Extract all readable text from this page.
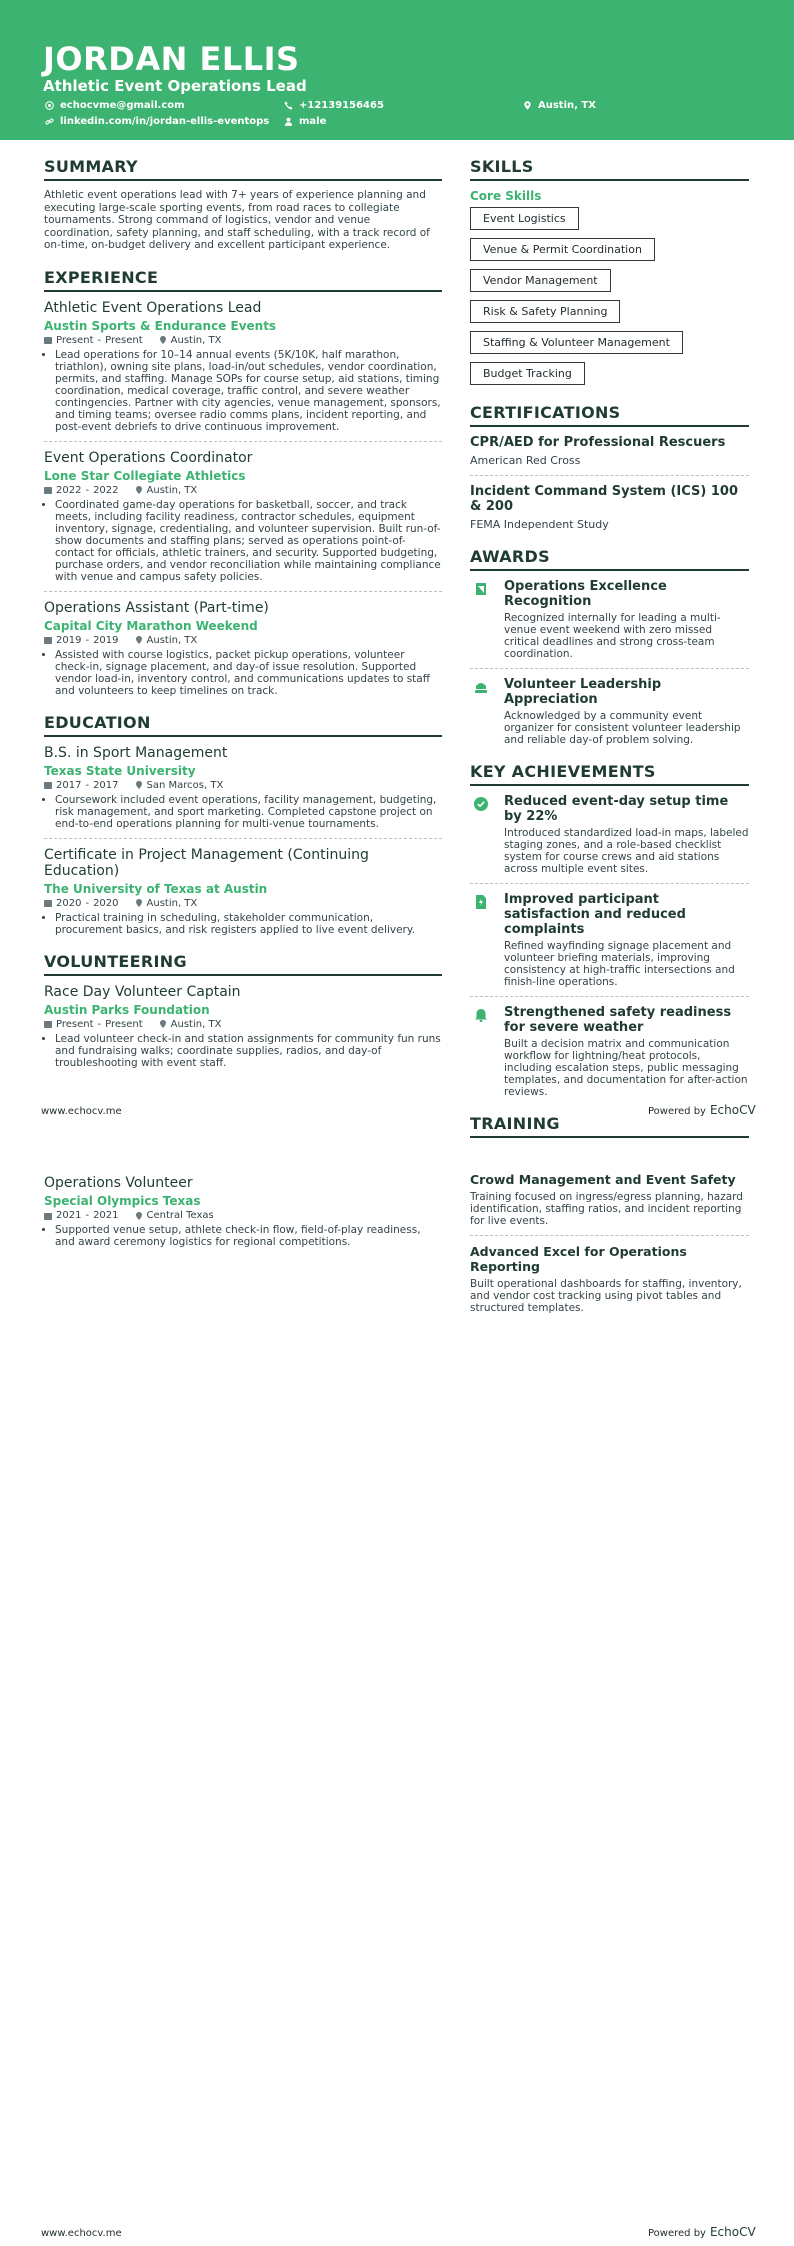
JORDAN ELLIS
Athletic Event Operations Lead
echocvme@gmail.com	+12139156465	Austin, TX
linkedin.com/in/jordan-ellis-eventops	male
SUMMARY
Athletic event operations lead with 7+ years of experience planning and executing large-scale sporting events, from road races to collegiate tournaments. Strong command of logistics, vendor and venue coordination, safety planning, and staff scheduling, with a track record of on-time, on-budget delivery and excellent participant experience.
EXPERIENCE
Athletic Event Operations Lead
Austin Sports & Endurance Events
Present - Present	Austin, TX
• Lead operations for 10–14 annual events (5K/10K, half marathon, triathlon), owning site plans, load-in/out schedules, vendor coordination, permits, and staffing. Manage SOPs for course setup, aid stations, timing coordination, medical coverage, traffic control, and severe weather contingencies. Partner with city agencies, venue management, sponsors, and timing teams; oversee radio comms plans, incident reporting, and post-event debriefs to drive continuous improvement.
Event Operations Coordinator
Lone Star Collegiate Athletics
2022 - 2022	Austin, TX
• Coordinated game-day operations for basketball, soccer, and track meets, including facility readiness, contractor schedules, equipment inventory, signage, credentialing, and volunteer supervision. Built run-of-show documents and staffing plans; served as operations point-of-contact for officials, athletic trainers, and security. Supported budgeting, purchase orders, and vendor reconciliation while maintaining compliance with venue and campus safety policies.
Operations Assistant (Part-time)
Capital City Marathon Weekend
2019 - 2019	Austin, TX
• Assisted with course logistics, packet pickup operations, volunteer check-in, signage placement, and day-of issue resolution. Supported vendor load-in, inventory control, and communications updates to staff and volunteers to keep timelines on track.
EDUCATION
B.S. in Sport Management
Texas State University
2017 - 2017	San Marcos, TX
• Coursework included event operations, facility management, budgeting, risk management, and sport marketing. Completed capstone project on end-to-end operations planning for multi-venue tournaments.
Certificate in Project Management (Continuing Education)
The University of Texas at Austin
2020 - 2020	Austin, TX
• Practical training in scheduling, stakeholder communication, procurement basics, and risk registers applied to live event delivery.
VOLUNTEERING
Race Day Volunteer Captain
Austin Parks Foundation
Present - Present	Austin, TX
• Lead volunteer check-in and station assignments for community fun runs and fundraising walks; coordinate supplies, radios, and day-of troubleshooting with event staff.
SKILLS
Core Skills
Event Logistics
Venue & Permit Coordination
Vendor Management
Risk & Safety Planning
Staffing & Volunteer Management
Budget Tracking
CERTIFICATIONS
CPR/AED for Professional Rescuers
American Red Cross
Incident Command System (ICS) 100 & 200
FEMA Independent Study
AWARDS
Operations Excellence Recognition
Recognized internally for leading a multi-venue event weekend with zero missed critical deadlines and strong cross-team coordination.
Volunteer Leadership Appreciation
Acknowledged by a community event organizer for consistent volunteer leadership and reliable day-of problem solving.
KEY ACHIEVEMENTS
Reduced event-day setup time by 22%
Introduced standardized load-in maps, labeled staging zones, and a role-based checklist system for course crews and aid stations across multiple event sites.
Improved participant satisfaction and reduced complaints
Refined wayfinding signage placement and volunteer briefing materials, improving consistency at high-traffic intersections and finish-line operations.
Strengthened safety readiness for severe weather
Built a decision matrix and communication workflow for lightning/heat protocols, including escalation steps, public messaging templates, and documentation for after-action reviews.
TRAINING
www.echocv.me	Powered by EchoCV
Operations Volunteer
Special Olympics Texas
2021 - 2021	Central Texas
• Supported venue setup, athlete check-in flow, field-of-play readiness, and award ceremony logistics for regional competitions.
Crowd Management and Event Safety
Training focused on ingress/egress planning, hazard identification, staffing ratios, and incident reporting for live events.
Advanced Excel for Operations Reporting
Built operational dashboards for staffing, inventory, and vendor cost tracking using pivot tables and structured templates.
www.echocv.me	Powered by EchoCV
